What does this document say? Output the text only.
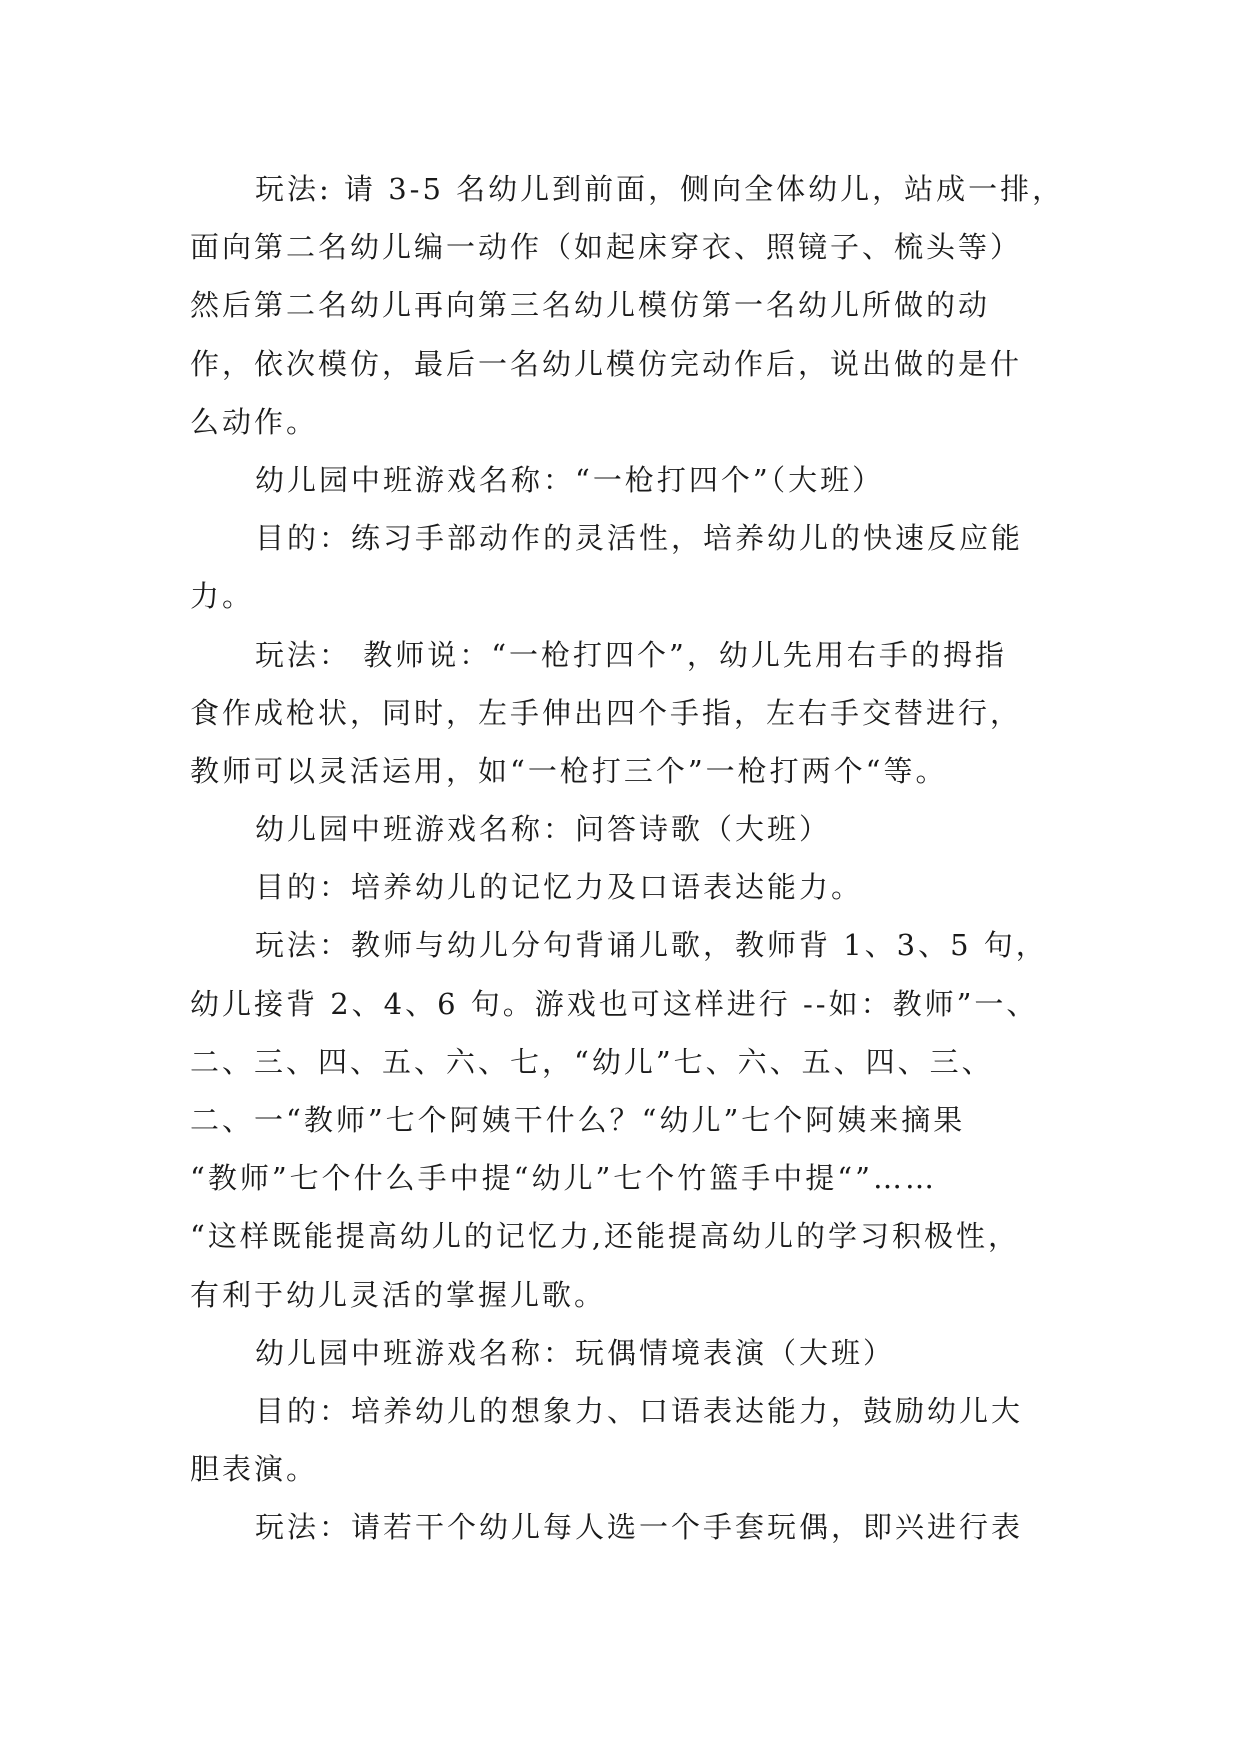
玩法: 请 3-5 名幼儿到前面，侧向全体幼儿，站成一排，
面向第二名幼儿编一动作（如起床穿衣、照镜子、梳头等）
然后第二名幼儿再向第三名幼儿模仿第一名幼儿所做的动
作，依次模仿，最后一名幼儿模仿完动作后，说出做的是什
么动作。
幼儿园中班游戏名称：“一枪打四个”（大班）
目的：练习手部动作的灵活性，培养幼儿的快速反应能
力。
玩法： 教师说：“一枪打四个”，幼儿先用右手的拇指
食作成枪状，同时，左手伸出四个手指，左右手交替进行，
教师可以灵活运用，如“一枪打三个”一枪打两个“等。
幼儿园中班游戏名称：问答诗歌（大班）
目的：培养幼儿的记忆力及口语表达能力。
玩法：教师与幼儿分句背诵儿歌，教师背 1、3、5 句，
幼儿接背 2、4、6 句。游戏也可这样进行 --如：教师”一、
二、三、四、五、六、七，“幼儿”七、六、五、四、三、
二、一“教师”七个阿姨干什么？“幼儿”七个阿姨来摘果
“教师”七个什么手中提“幼儿”七个竹篮手中提“”……
“这样既能提高幼儿的记忆力,还能提高幼儿的学习积极性，
有利于幼儿灵活的掌握儿歌。
幼儿园中班游戏名称：玩偶情境表演（大班）
目的：培养幼儿的想象力、口语表达能力，鼓励幼儿大
胆表演。
玩法：请若干个幼儿每人选一个手套玩偶，即兴进行表
